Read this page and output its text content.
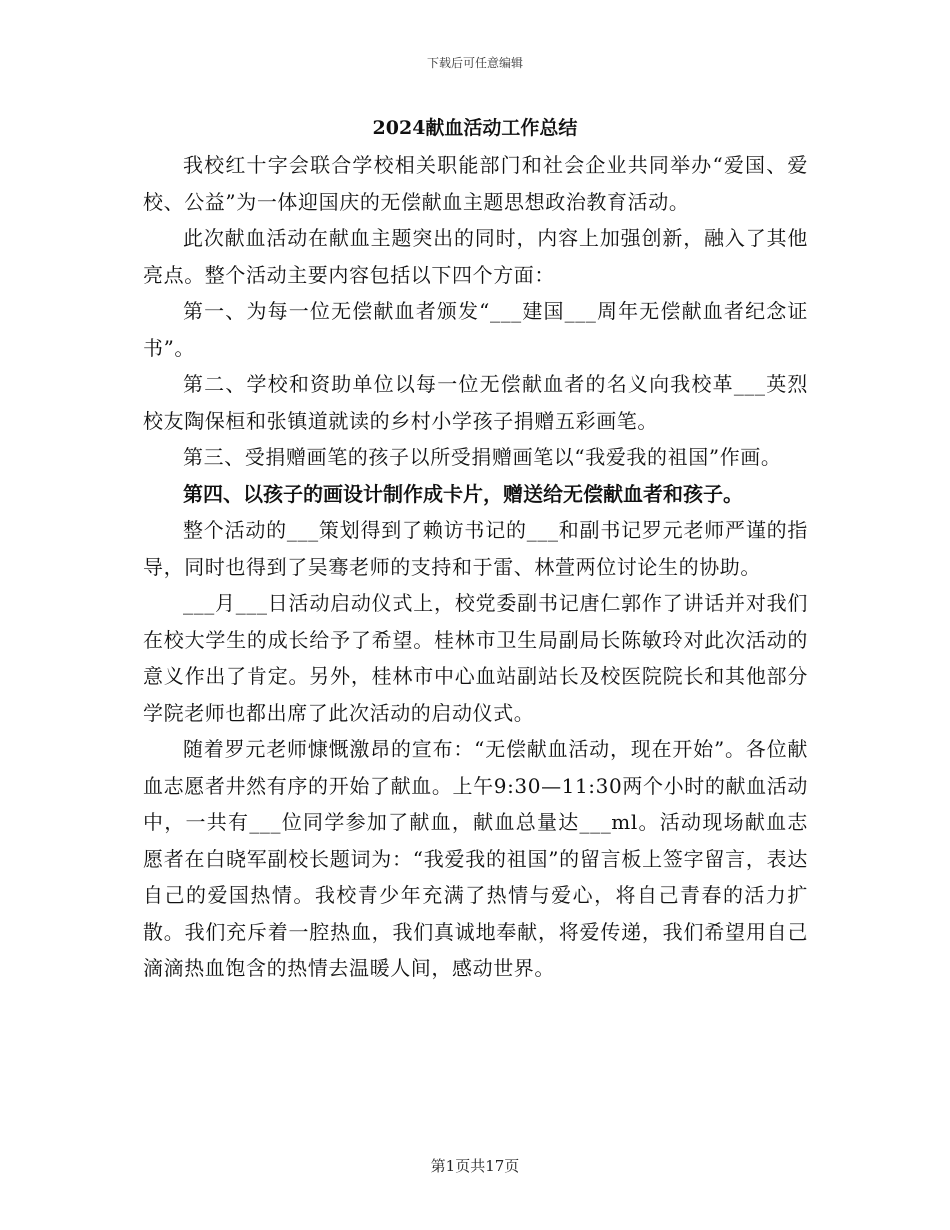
下载后可任意编辑
2024献血活动工作总结

我校红十字会联合学校相关职能部门和社会企业共同举办“爱国、爱校、公益”为一体迎国庆的无偿献血主题思想政治教育活动。

此次献血活动在献血主题突出的同时，内容上加强创新，融入了其他亮点。整个活动主要内容包括以下四个方面：

第一、为每一位无偿献血者颁发“___建国___周年无偿献血者纪念证书”。

第二、学校和资助单位以每一位无偿献血者的名义向我校革___英烈校友陶保桓和张镇道就读的乡村小学孩子捐赠五彩画笔。

第三、受捐赠画笔的孩子以所受捐赠画笔以“我爱我的祖国”作画。

第四、以孩子的画设计制作成卡片，赠送给无偿献血者和孩子。

整个活动的___策划得到了赖访书记的___和副书记罗元老师严谨的指导，同时也得到了吴骞老师的支持和于雷、林萱两位讨论生的协助。

___月___日活动启动仪式上，校党委副书记唐仁郭作了讲话并对我们在校大学生的成长给予了希望。桂林市卫生局副局长陈敏玲对此次活动的意义作出了肯定。另外，桂林市中心血站副站长及校医院院长和其他部分学院老师也都出席了此次活动的启动仪式。

随着罗元老师慷慨激昂的宣布：“无偿献血活动，现在开始”。各位献血志愿者井然有序的开始了献血。上午9:30—11:30两个小时的献血活动中，一共有___位同学参加了献血，献血总量达___ml。活动现场献血志愿者在白晓军副校长题词为：“我爱我的祖国”的留言板上签字留言，表达自己的爱国热情。我校青少年充满了热情与爱心，将自己青春的活力扩散。我们充斥着一腔热血，我们真诚地奉献，将爱传递，我们希望用自己滴滴热血饱含的热情去温暖人间，感动世界。

第1页共17页
